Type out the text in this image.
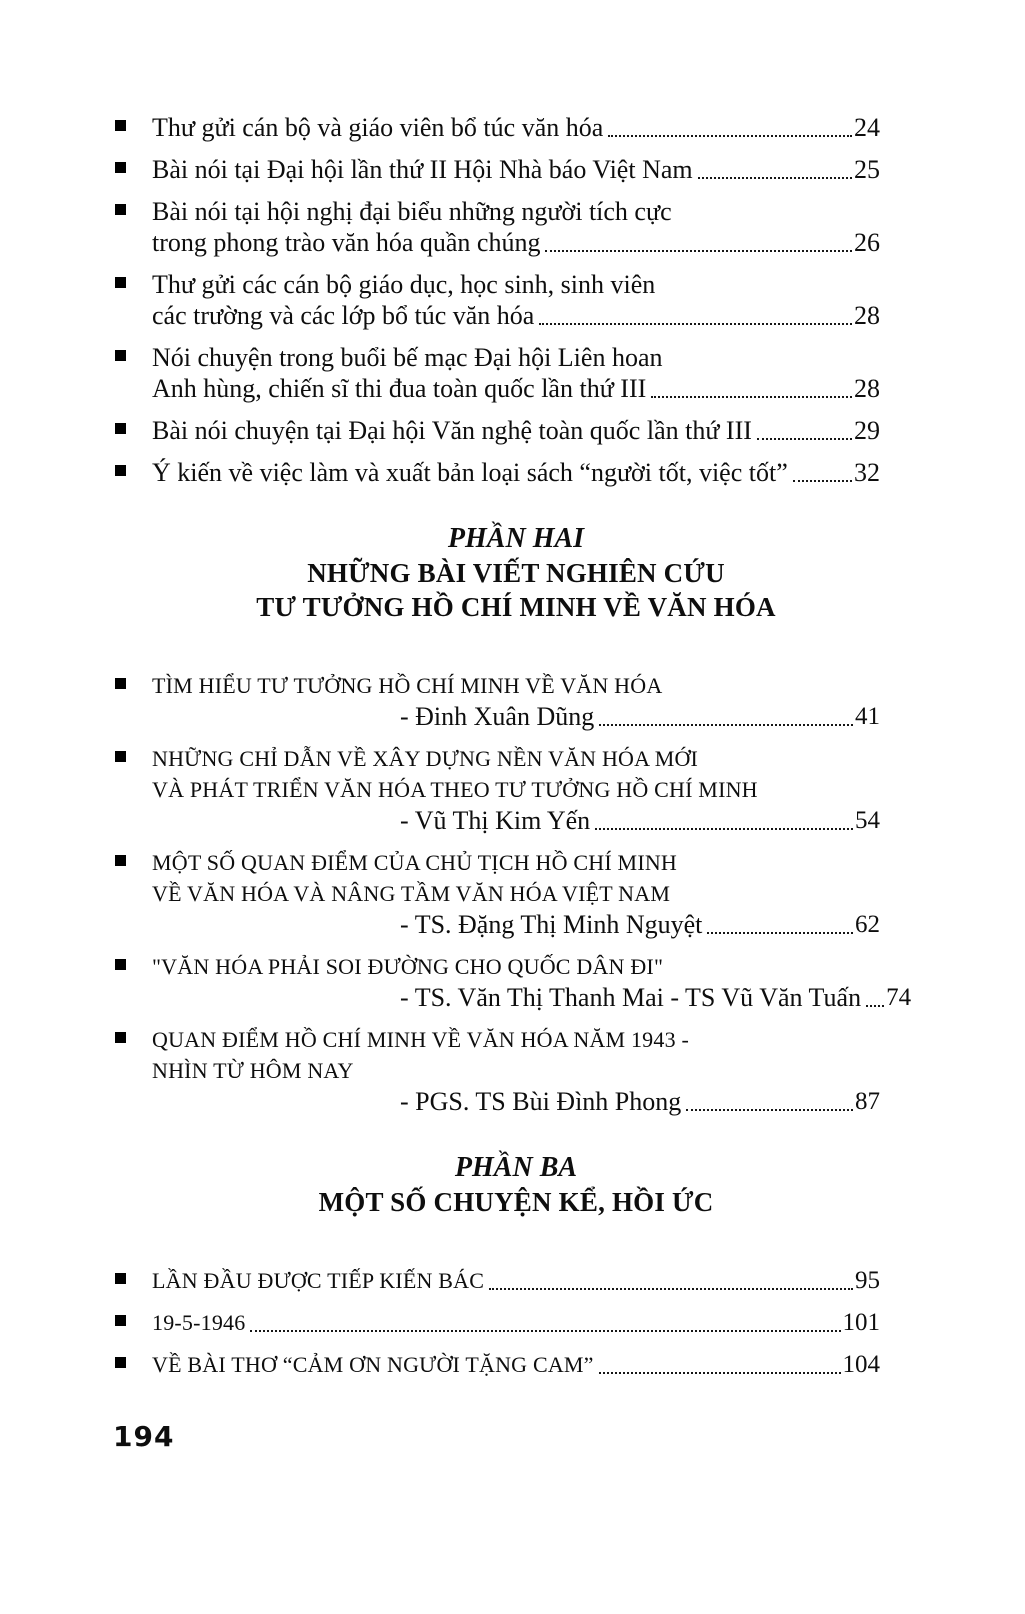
Thư gửi cán bộ và giáo viên bổ túc văn hóa	24
Bài nói tại Đại hội lần thứ II Hội Nhà báo Việt Nam	25
Bài nói tại hội nghị đại biểu những người tích cực
trong phong trào văn hóa quần chúng	26
Thư gửi các cán bộ giáo dục, học sinh, sinh viên
các trường và các lớp bổ túc văn hóa	28
Nói chuyện trong buổi bế mạc Đại hội Liên hoan
Anh hùng, chiến sĩ thi đua toàn quốc lần thứ III	28
Bài nói chuyện tại Đại hội Văn nghệ toàn quốc lần thứ III	29
Ý kiến về việc làm và xuất bản loại sách “người tốt, việc tốt”	32
PHẦN HAI
NHỮNG BÀI VIẾT NGHIÊN CỨU
TƯ TƯỞNG HỒ CHÍ MINH VỀ VĂN HÓA
TÌM HIỂU TƯ TƯỞNG HỒ CHÍ MINH VỀ VĂN HÓA
- Đinh Xuân Dũng	41
NHỮNG CHỈ DẪN VỀ XÂY DỰNG NỀN VĂN HÓA MỚI
VÀ PHÁT TRIỂN VĂN HÓA THEO TƯ TƯỞNG HỒ CHÍ MINH
- Vũ Thị Kim Yến	54
MỘT SỐ QUAN ĐIỂM CỦA CHỦ TỊCH HỒ CHÍ MINH
VỀ VĂN HÓA VÀ NÂNG TẦM VĂN HÓA VIỆT NAM
- TS. Đặng Thị Minh Nguyệt	62
"VĂN HÓA PHẢI SOI ĐƯỜNG CHO QUỐC DÂN ĐI"
- TS. Văn Thị Thanh Mai - TS Vũ Văn Tuấn 74
QUAN ĐIỂM HỒ CHÍ MINH VỀ VĂN HÓA NĂM 1943 -
NHÌN TỪ HÔM NAY
- PGS. TS Bùi Đình Phong	87
PHẦN BA
MỘT SỐ CHUYỆN KỂ, HỒI ỨC
LẦN ĐẦU ĐƯỢC TIẾP KIẾN BÁC	95
19-5-1946	101
VỀ BÀI THƠ “CẢM ƠN NGƯỜI TẶNG CAM”	104
194
